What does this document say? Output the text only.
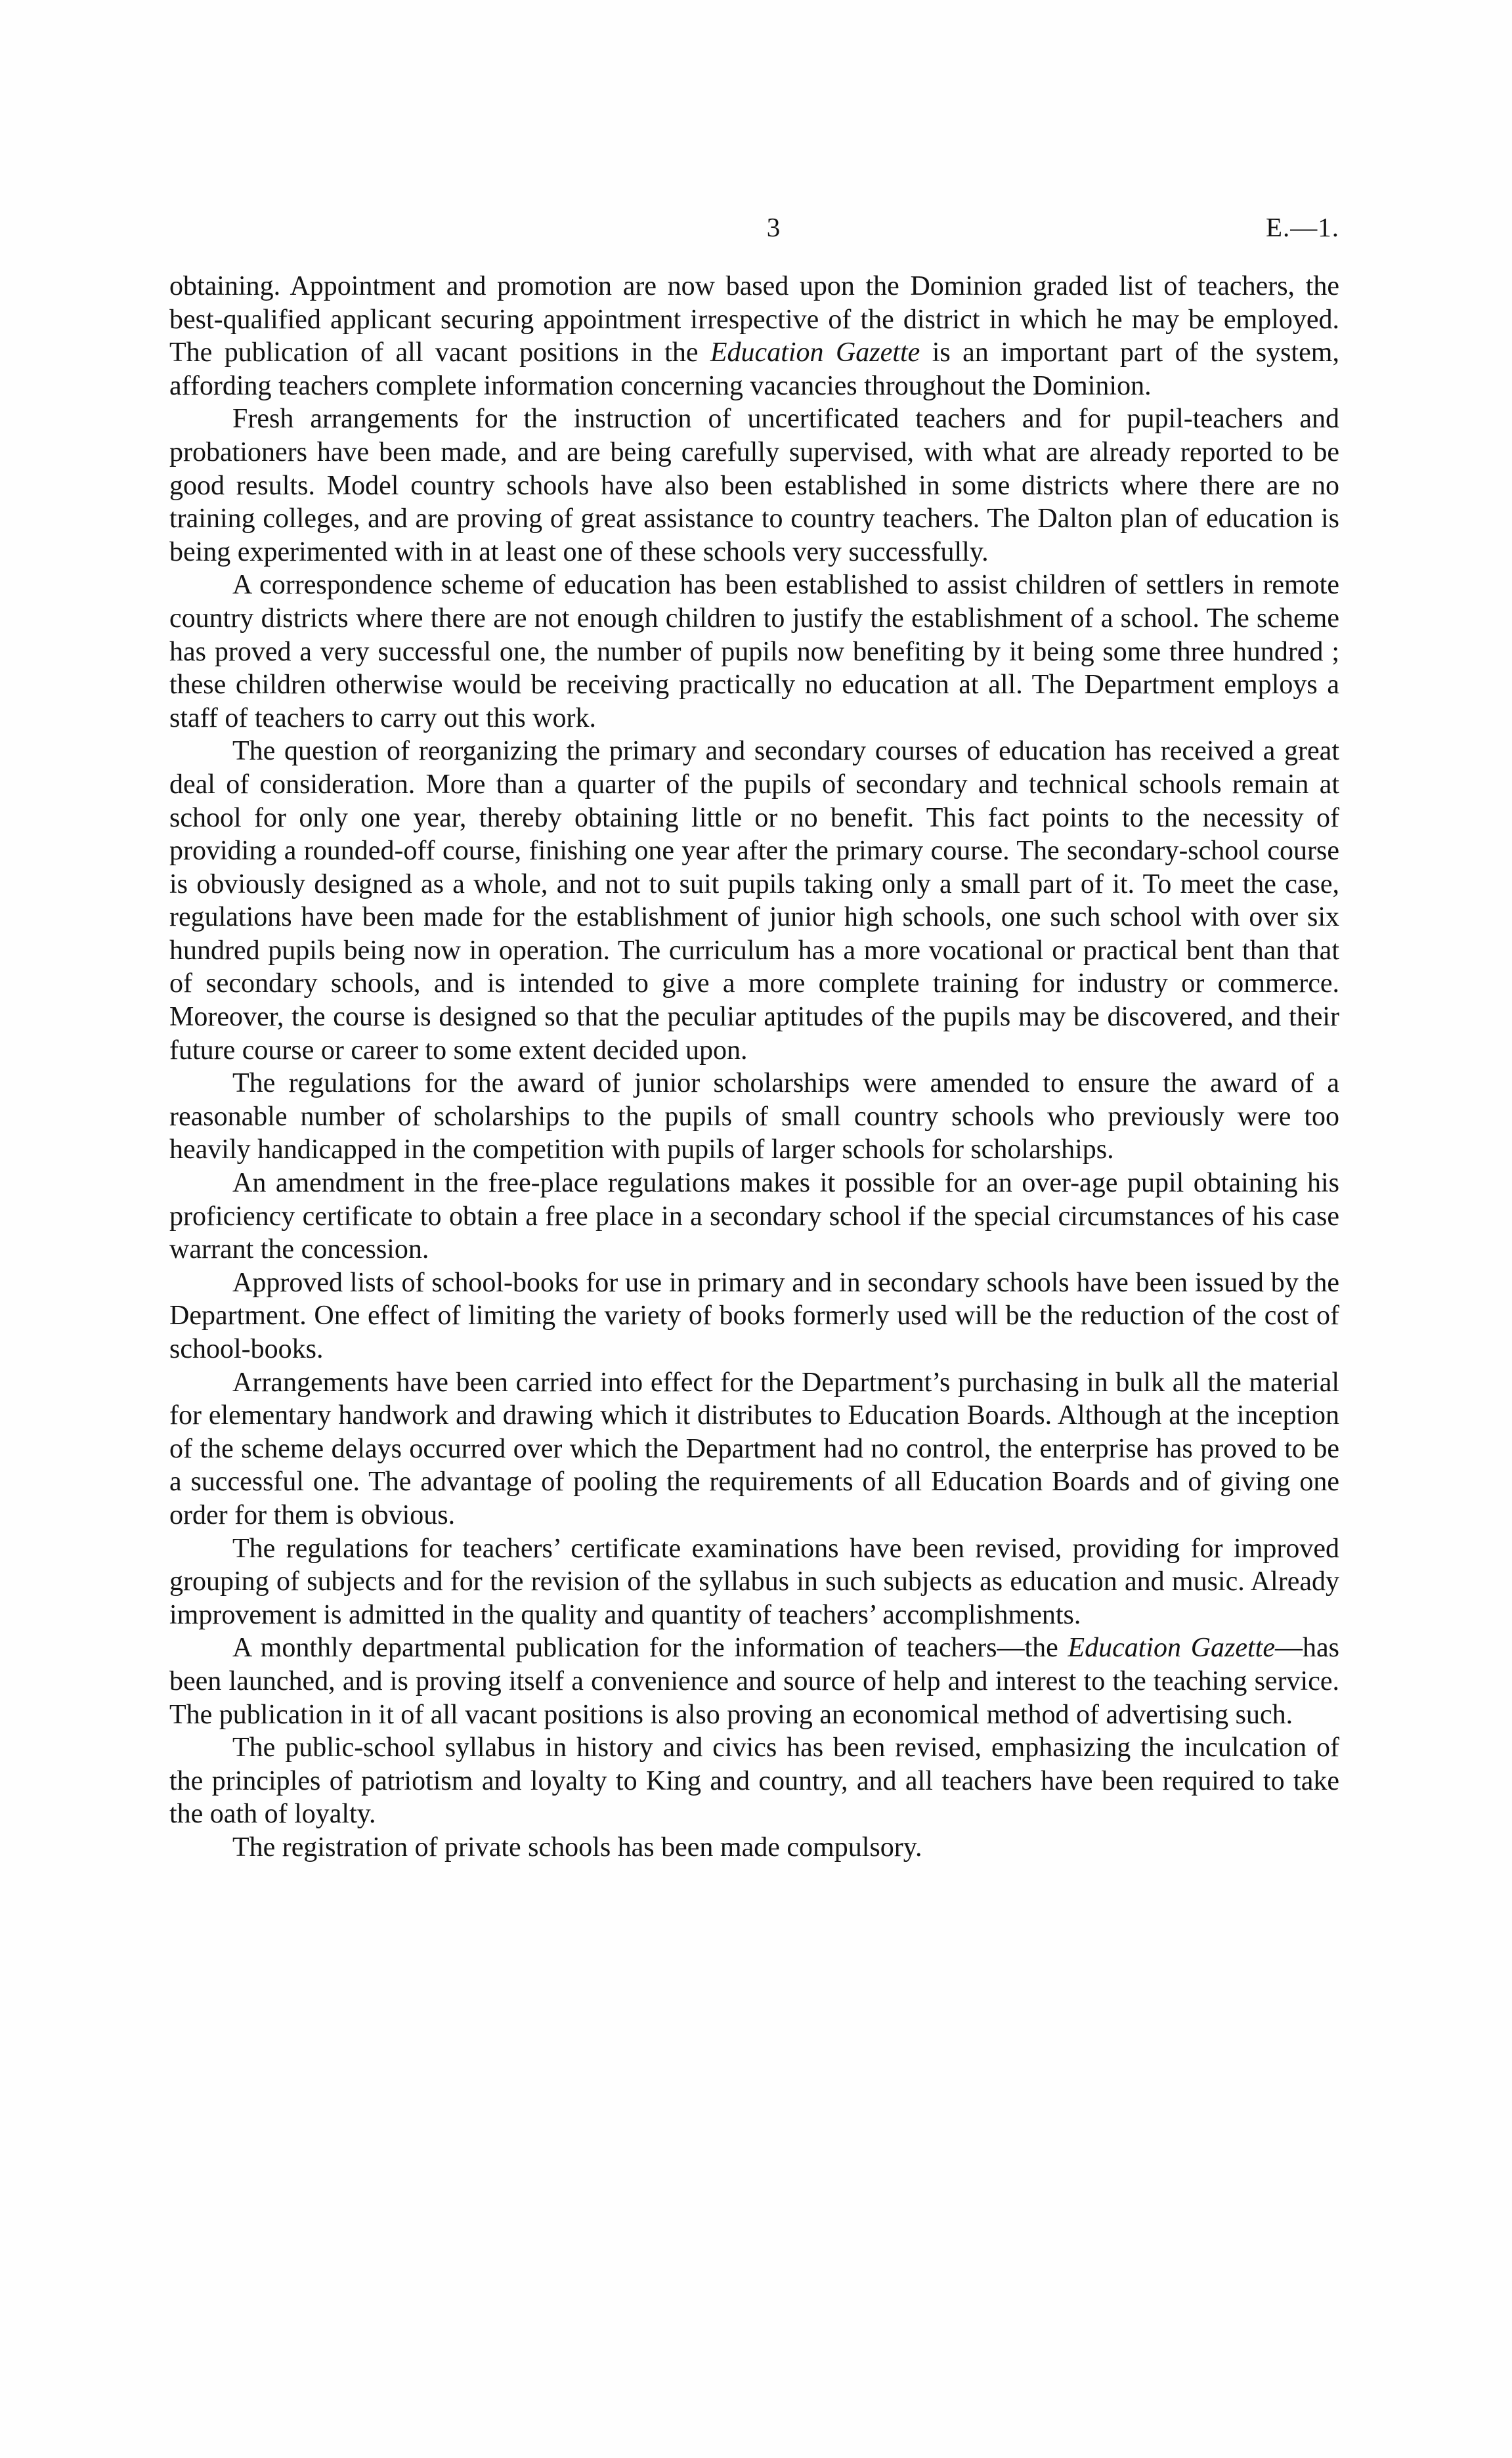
3	E.—1.

obtaining. Appointment and promotion are now based upon the Dominion graded list of teachers, the best-qualified applicant securing appointment irrespective of the district in which he may be employed. The publication of all vacant positions in the Education Gazette is an important part of the system, affording teachers complete information concerning vacancies throughout the Dominion.

Fresh arrangements for the instruction of uncertificated teachers and for pupil-teachers and probationers have been made, and are being carefully supervised, with what are already reported to be good results. Model country schools have also been established in some districts where there are no training colleges, and are proving of great assistance to country teachers. The Dalton plan of education is being experimented with in at least one of these schools very successfully.

A correspondence scheme of education has been established to assist children of settlers in remote country districts where there are not enough children to justify the establishment of a school. The scheme has proved a very successful one, the number of pupils now benefiting by it being some three hundred ; these children otherwise would be receiving practically no education at all. The Department employs a staff of teachers to carry out this work.

The question of reorganizing the primary and secondary courses of education has received a great deal of consideration. More than a quarter of the pupils of secondary and technical schools remain at school for only one year, thereby obtaining little or no benefit. This fact points to the necessity of providing a rounded-off course, finishing one year after the primary course. The secondary-school course is obviously designed as a whole, and not to suit pupils taking only a small part of it. To meet the case, regulations have been made for the establishment of junior high schools, one such school with over six hundred pupils being now in operation. The curriculum has a more vocational or practical bent than that of secondary schools, and is intended to give a more complete training for industry or commerce. Moreover, the course is designed so that the peculiar aptitudes of the pupils may be discovered, and their future course or career to some extent decided upon.

The regulations for the award of junior scholarships were amended to ensure the award of a reasonable number of scholarships to the pupils of small country schools who previously were too heavily handicapped in the competition with pupils of larger schools for scholarships.

An amendment in the free-place regulations makes it possible for an over-age pupil obtaining his proficiency certificate to obtain a free place in a secondary school if the special circumstances of his case warrant the concession.

Approved lists of school-books for use in primary and in secondary schools have been issued by the Department. One effect of limiting the variety of books formerly used will be the reduction of the cost of school-books.

Arrangements have been carried into effect for the Department’s purchasing in bulk all the material for elementary handwork and drawing which it distributes to Education Boards. Although at the inception of the scheme delays occurred over which the Department had no control, the enterprise has proved to be a successful one. The advantage of pooling the requirements of all Education Boards and of giving one order for them is obvious.

The regulations for teachers’ certificate examinations have been revised, providing for improved grouping of subjects and for the revision of the syllabus in such subjects as education and music. Already improvement is admitted in the quality and quantity of teachers’ accomplishments.

A monthly departmental publication for the information of teachers—the Education Gazette—has been launched, and is proving itself a convenience and source of help and interest to the teaching service. The publication in it of all vacant positions is also proving an economical method of advertising such.

The public-school syllabus in history and civics has been revised, emphasizing the inculcation of the principles of patriotism and loyalty to King and country, and all teachers have been required to take the oath of loyalty.

The registration of private schools has been made compulsory.
